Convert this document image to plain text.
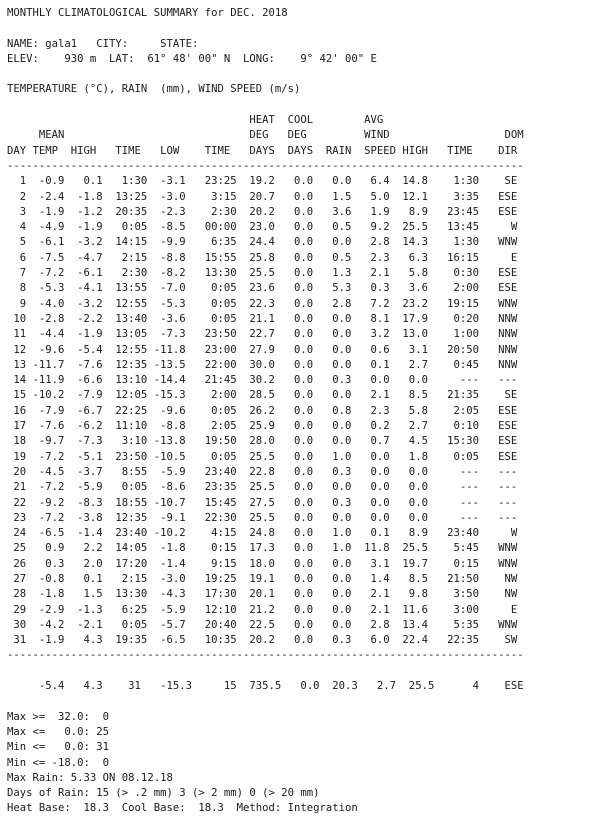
MONTHLY CLIMATOLOGICAL SUMMARY for DEC. 2018

NAME: gala1   CITY:     STATE:
ELEV:    930 m  LAT:  61° 48' 00" N  LONG:    9° 42' 00" E

TEMPERATURE (°C), RAIN  (mm), WIND SPEED (m/s)

HEAT  COOL        AVG
MEAN                             DEG   DEG         WIND                  DOM
DAY TEMP  HIGH   TIME   LOW    TIME   DAYS  DAYS  RAIN  SPEED HIGH   TIME    DIR
---------------------------------------------------------------------------------
1  -0.9   0.1   1:30  -3.1   23:25  19.2   0.0   0.0   6.4  14.8    1:30    SE
2  -2.4  -1.8  13:25  -3.0    3:15  20.7   0.0   1.5   5.0  12.1    3:35   ESE
3  -1.9  -1.2  20:35  -2.3    2:30  20.2   0.0   3.6   1.9   8.9   23:45   ESE
4  -4.9  -1.9   0:05  -8.5   00:00  23.0   0.0   0.5   9.2  25.5   13:45     W
5  -6.1  -3.2  14:15  -9.9    6:35  24.4   0.0   0.0   2.8  14.3    1:30   WNW
6  -7.5  -4.7   2:15  -8.8   15:55  25.8   0.0   0.5   2.3   6.3   16:15     E
7  -7.2  -6.1   2:30  -8.2   13:30  25.5   0.0   1.3   2.1   5.8    0:30   ESE
8  -5.3  -4.1  13:55  -7.0    0:05  23.6   0.0   5.3   0.3   3.6    2:00   ESE
9  -4.0  -3.2  12:55  -5.3    0:05  22.3   0.0   2.8   7.2  23.2   19:15   WNW
10  -2.8  -2.2  13:40  -3.6    0:05  21.1   0.0   0.0   8.1  17.9    0:20   NNW
11  -4.4  -1.9  13:05  -7.3   23:50  22.7   0.0   0.0   3.2  13.0    1:00   NNW
12  -9.6  -5.4  12:55 -11.8   23:00  27.9   0.0   0.0   0.6   3.1   20:50   NNW
13 -11.7  -7.6  12:35 -13.5   22:00  30.0   0.0   0.0   0.1   2.7    0:45   NNW
14 -11.9  -6.6  13:10 -14.4   21:45  30.2   0.0   0.3   0.0   0.0     ---   ---
15 -10.2  -7.9  12:05 -15.3    2:00  28.5   0.0   0.0   2.1   8.5   21:35    SE
16  -7.9  -6.7  22:25  -9.6    0:05  26.2   0.0   0.8   2.3   5.8    2:05   ESE
17  -7.6  -6.2  11:10  -8.8    2:05  25.9   0.0   0.0   0.2   2.7    0:10   ESE
18  -9.7  -7.3   3:10 -13.8   19:50  28.0   0.0   0.0   0.7   4.5   15:30   ESE
19  -7.2  -5.1  23:50 -10.5    0:05  25.5   0.0   1.0   0.0   1.8    0:05   ESE
20  -4.5  -3.7   8:55  -5.9   23:40  22.8   0.0   0.3   0.0   0.0     ---   ---
21  -7.2  -5.9   0:05  -8.6   23:35  25.5   0.0   0.0   0.0   0.0     ---   ---
22  -9.2  -8.3  18:55 -10.7   15:45  27.5   0.0   0.3   0.0   0.0     ---   ---
23  -7.2  -3.8  12:35  -9.1   22:30  25.5   0.0   0.0   0.0   0.0     ---   ---
24  -6.5  -1.4  23:40 -10.2    4:15  24.8   0.0   1.0   0.1   8.9   23:40     W
25   0.9   2.2  14:05  -1.8    0:15  17.3   0.0   1.0  11.8  25.5    5:45   WNW
26   0.3   2.0  17:20  -1.4    9:15  18.0   0.0   0.0   3.1  19.7    0:15   WNW
27  -0.8   0.1   2:15  -3.0   19:25  19.1   0.0   0.0   1.4   8.5   21:50    NW
28  -1.8   1.5  13:30  -4.3   17:30  20.1   0.0   0.0   2.1   9.8    3:50    NW
29  -2.9  -1.3   6:25  -5.9   12:10  21.2   0.0   0.0   2.1  11.6    3:00     E
30  -4.2  -2.1   0:05  -5.7   20:40  22.5   0.0   0.0   2.8  13.4    5:35   WNW
31  -1.9   4.3  19:35  -6.5   10:35  20.2   0.0   0.3   6.0  22.4   22:35    SW
---------------------------------------------------------------------------------

-5.4   4.3    31   -15.3     15  735.5   0.0  20.3   2.7  25.5      4    ESE

Max >=  32.0:  0
Max <=   0.0: 25
Min <=   0.0: 31
Min <= -18.0:  0
Max Rain: 5.33 ON 08.12.18
Days of Rain: 15 (> .2 mm) 3 (> 2 mm) 0 (> 20 mm)
Heat Base:  18.3  Cool Base:  18.3  Method: Integration
